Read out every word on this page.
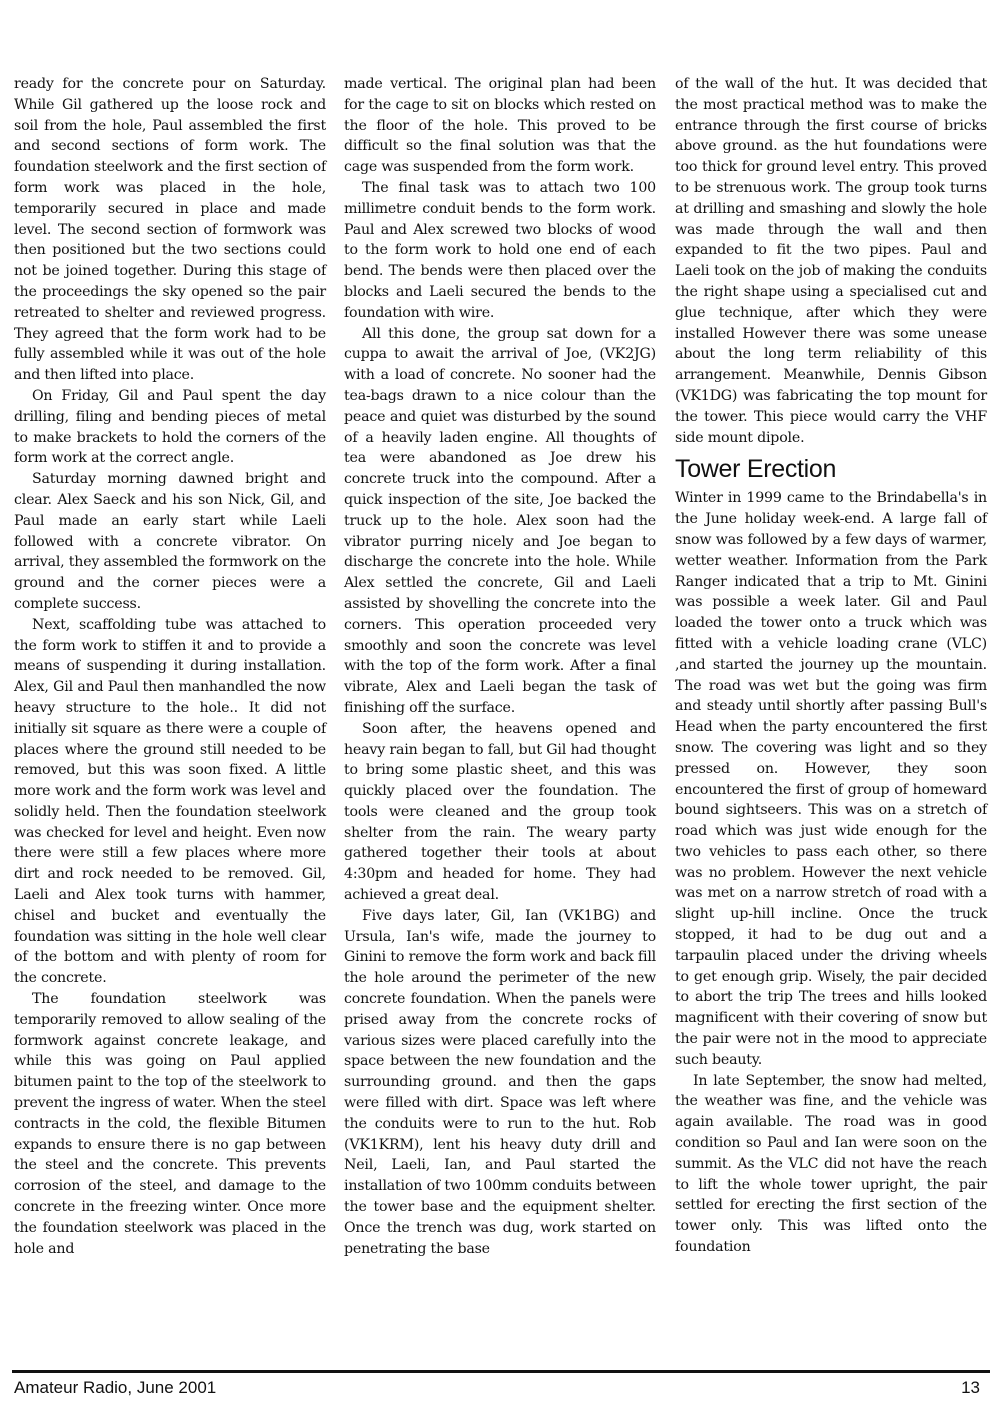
ready for the concrete pour on Saturday. While Gil gathered up the loose rock and soil from the hole, Paul assembled the first and second sections of form work. The foundation steelwork and the first section of form work was placed in the hole, temporarily secured in place and made level. The second section of formwork was then positioned but the two sections could not be joined together. During this stage of the proceedings the sky opened so the pair retreated to shelter and reviewed progress. They agreed that the form work had to be fully assembled while it was out of the hole and then lifted into place.

On Friday, Gil and Paul spent the day drilling, filing and bending pieces of metal to make brackets to hold the corners of the form work at the correct angle.

Saturday morning dawned bright and clear. Alex Saeck and his son Nick, Gil, and Paul made an early start while Laeli followed with a concrete vibrator. On arrival, they assembled the formwork on the ground and the corner pieces were a complete success.

Next, scaffolding tube was attached to the form work to stiffen it and to provide a means of suspending it during installation. Alex, Gil and Paul then manhandled the now heavy structure to the hole.. It did not initially sit square as there were a couple of places where the ground still needed to be removed, but this was soon fixed. A little more work and the form work was level and solidly held. Then the foundation steelwork was checked for level and height. Even now there were still a few places where more dirt and rock needed to be removed. Gil, Laeli and Alex took turns with hammer, chisel and bucket and eventually the foundation was sitting in the hole well clear of the bottom and with plenty of room for the concrete.

The foundation steelwork was temporarily removed to allow sealing of the formwork against concrete leakage, and while this was going on Paul applied bitumen paint to the top of the steelwork to prevent the ingress of water. When the steel contracts in the cold, the flexible Bitumen expands to ensure there is no gap between the steel and the concrete. This prevents corrosion of the steel, and damage to the concrete in the freezing winter. Once more the foundation steelwork was placed in the hole and

made vertical. The original plan had been for the cage to sit on blocks which rested on the floor of the hole. This proved to be difficult so the final solution was that the cage was suspended from the form work.

The final task was to attach two 100 millimetre conduit bends to the form work. Paul and Alex screwed two blocks of wood to the form work to hold one end of each bend. The bends were then placed over the blocks and Laeli secured the bends to the foundation with wire.

All this done, the group sat down for a cuppa to await the arrival of Joe, (VK2JG) with a load of concrete. No sooner had the tea-bags drawn to a nice colour than the peace and quiet was disturbed by the sound of a heavily laden engine. All thoughts of tea were abandoned as Joe drew his concrete truck into the compound. After a quick inspection of the site, Joe backed the truck up to the hole. Alex soon had the vibrator purring nicely and Joe began to discharge the concrete into the hole. While Alex settled the concrete, Gil and Laeli assisted by shovelling the concrete into the corners. This operation proceeded very smoothly and soon the concrete was level with the top of the form work. After a final vibrate, Alex and Laeli began the task of finishing off the surface.

Soon after, the heavens opened and heavy rain began to fall, but Gil had thought to bring some plastic sheet, and this was quickly placed over the foundation. The tools were cleaned and the group took shelter from the rain. The weary party gathered together their tools at about 4:30pm and headed for home. They had achieved a great deal.

Five days later, Gil, Ian (VK1BG) and Ursula, Ian's wife, made the journey to Ginini to remove the form work and back fill the hole around the perimeter of the new concrete foundation. When the panels were prised away from the concrete rocks of various sizes were placed carefully into the space between the new foundation and the surrounding ground. and then the gaps were filled with dirt. Space was left where the conduits were to run to the hut. Rob (VK1KRM), lent his heavy duty drill and Neil, Laeli, Ian, and Paul started the installation of two 100mm conduits between the tower base and the equipment shelter. Once the trench was dug, work started on penetrating the base

of the wall of the hut. It was decided that the most practical method was to make the entrance through the first course of bricks above ground. as the hut foundations were too thick for ground level entry. This proved to be strenuous work. The group took turns at drilling and smashing and slowly the hole was made through the wall and then expanded to fit the two pipes. Paul and Laeli took on the job of making the conduits the right shape using a specialised cut and glue technique, after which they were installed However there was some unease about the long term reliability of this arrangement. Meanwhile, Dennis Gibson (VK1DG) was fabricating the top mount for the tower. This piece would carry the VHF side mount dipole.

Tower Erection

Winter in 1999 came to the Brindabella's in the June holiday week-end. A large fall of snow was followed by a few days of warmer, wetter weather. Information from the Park Ranger indicated that a trip to Mt. Ginini was possible a week later. Gil and Paul loaded the tower onto a truck which was fitted with a vehicle loading crane (VLC) ,and started the journey up the mountain. The road was wet but the going was firm and steady until shortly after passing Bull's Head when the party encountered the first snow. The covering was light and so they pressed on. However, they soon encountered the first of group of homeward bound sightseers. This was on a stretch of road which was just wide enough for the two vehicles to pass each other, so there was no problem. However the next vehicle was met on a narrow stretch of road with a slight up-hill incline. Once the truck stopped, it had to be dug out and a tarpaulin placed under the driving wheels to get enough grip. Wisely, the pair decided to abort the trip The trees and hills looked magnificent with their covering of snow but the pair were not in the mood to appreciate such beauty.

In late September, the snow had melted, the weather was fine, and the vehicle was again available. The road was in good condition so Paul and Ian were soon on the summit. As the VLC did not have the reach to lift the whole tower upright, the pair settled for erecting the first section of the tower only. This was lifted onto the foundation

Amateur Radio, June 2001	13
